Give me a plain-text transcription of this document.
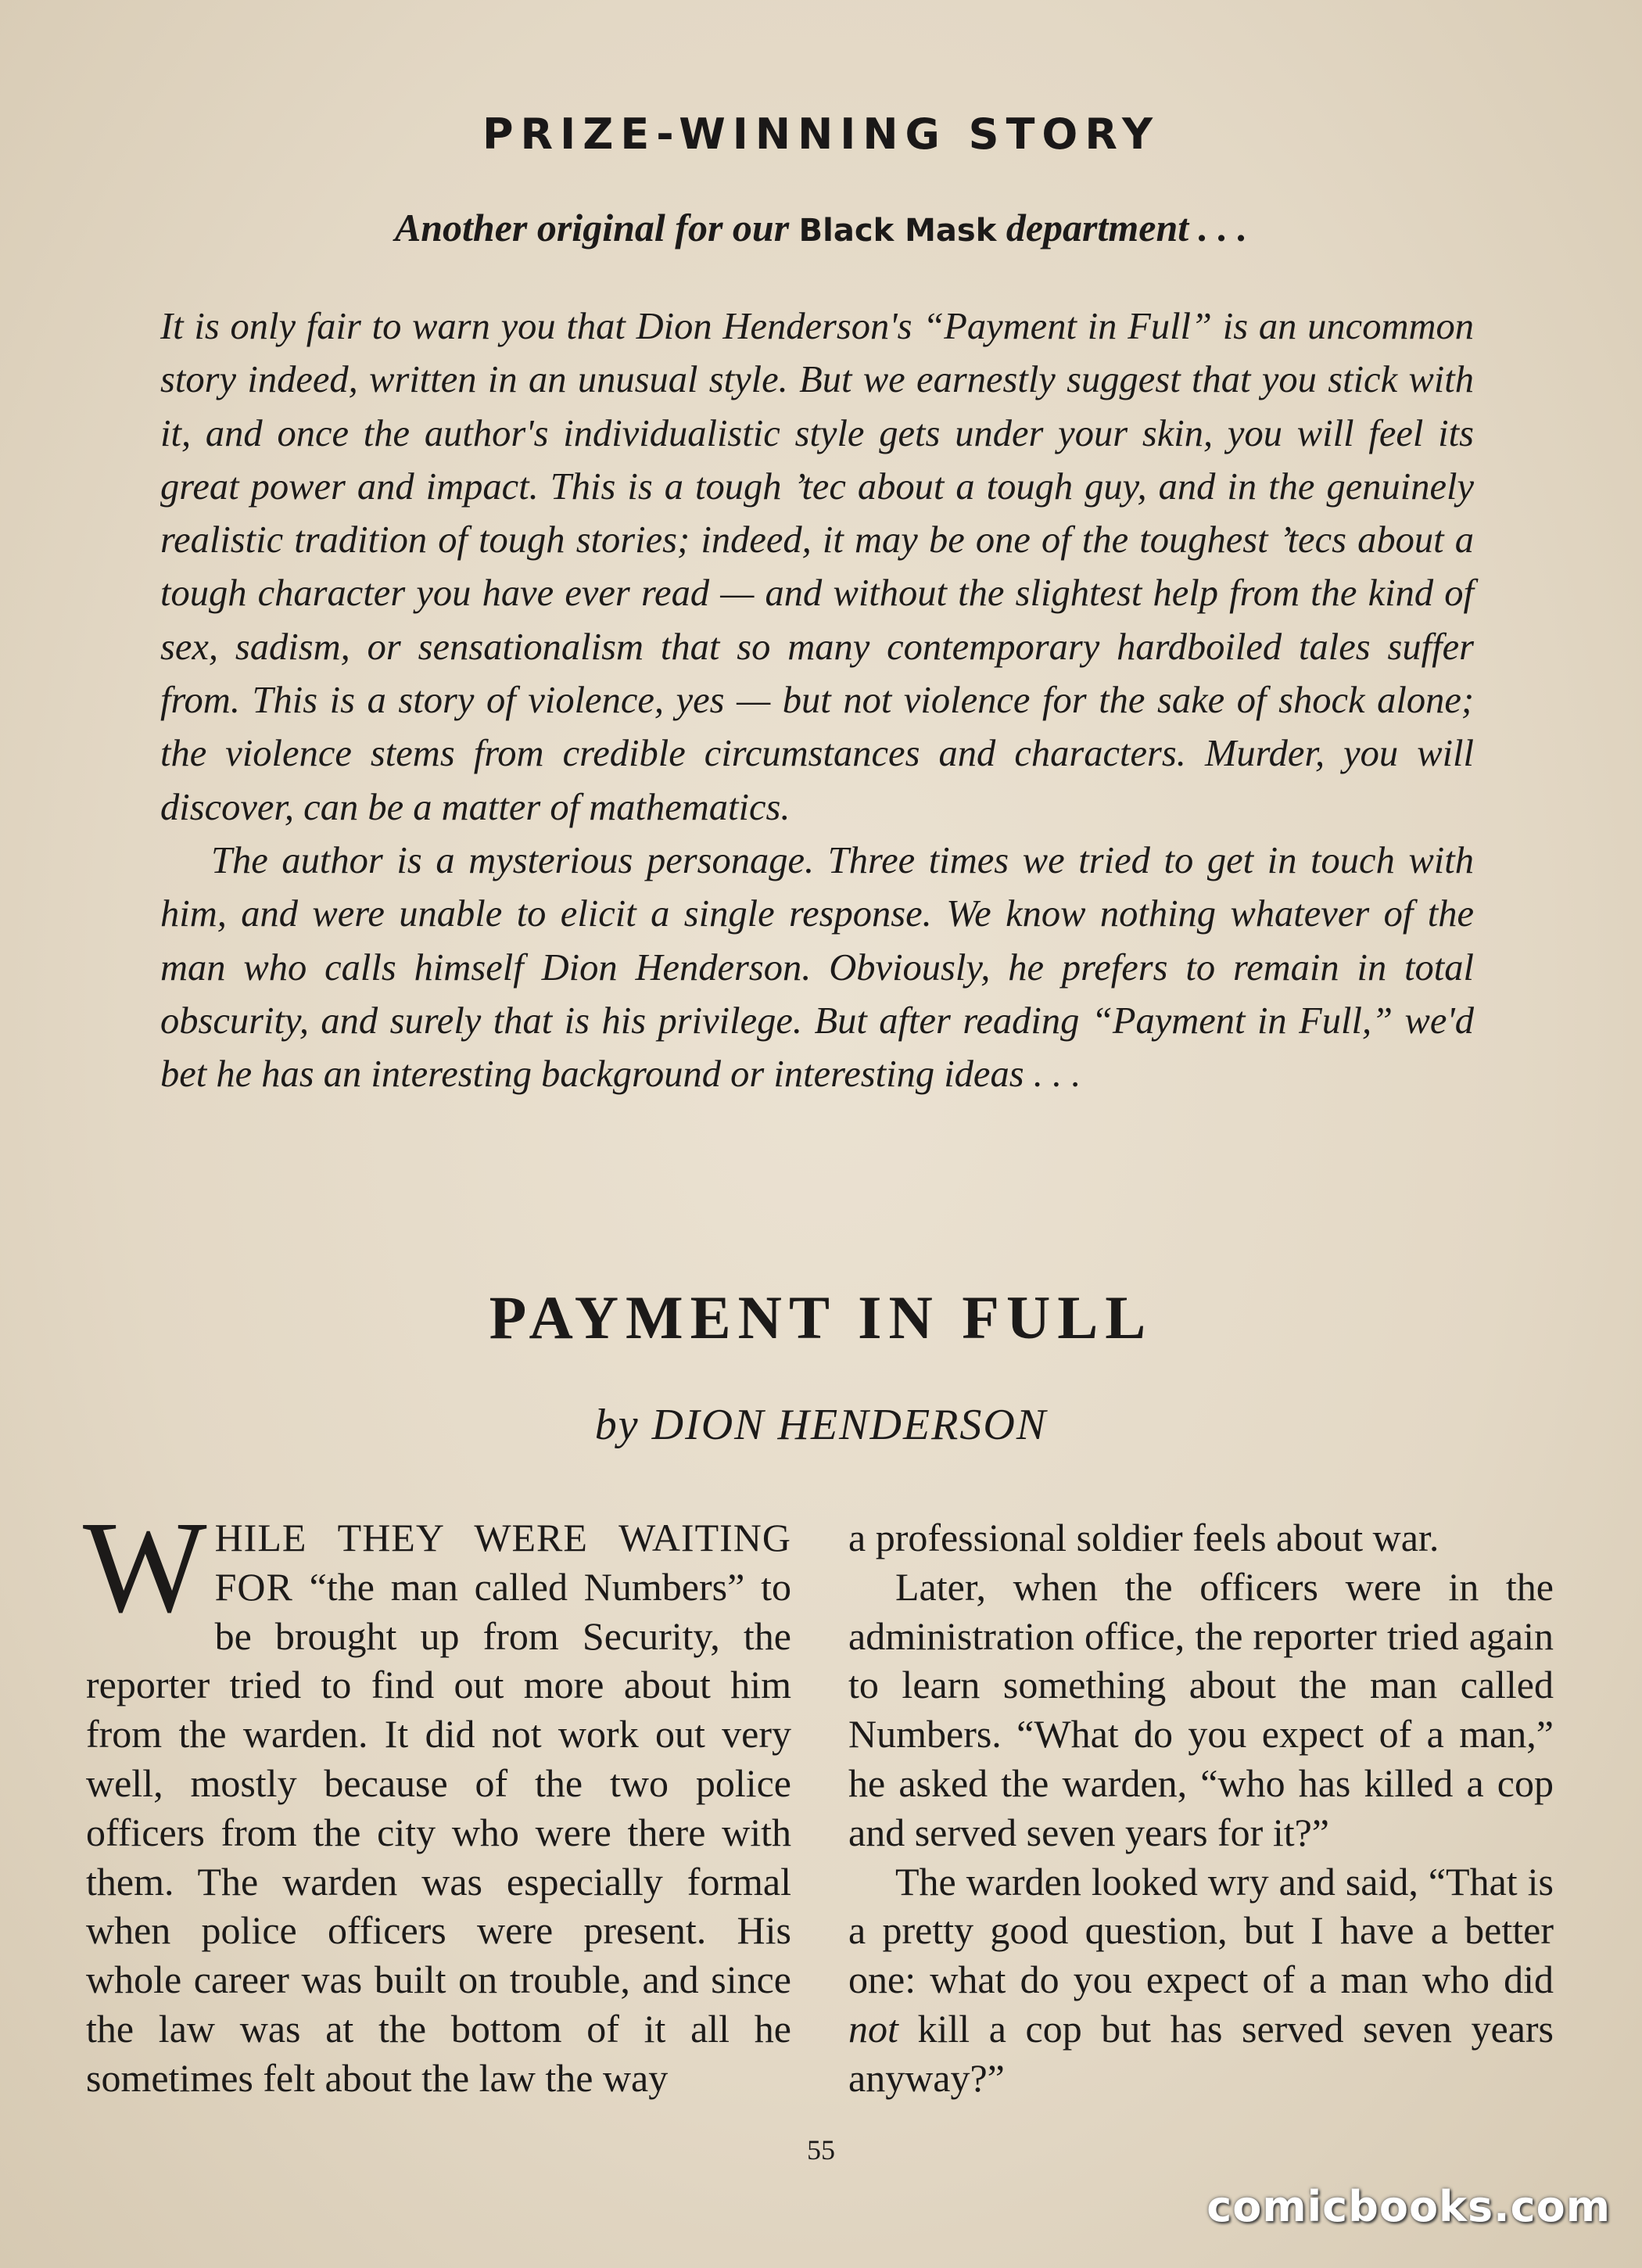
PRIZE-WINNING STORY
Another original for our Black Mask department . . .

It is only fair to warn you that Dion Henderson's “Payment in Full” is an uncommon story indeed, written in an unusual style. But we earnestly suggest that you stick with it, and once the author's individualistic style gets under your skin, you will feel its great power and impact. This is a tough ’tec about a tough guy, and in the genuinely realistic tradition of tough stories; indeed, it may be one of the toughest ’tecs about a tough character you have ever read — and without the slightest help from the kind of sex, sadism, or sensationalism that so many contemporary hardboiled tales suffer from. This is a story of violence, yes — but not violence for the sake of shock alone; the violence stems from credible circumstances and characters. Murder, you will discover, can be a matter of mathematics.

The author is a mysterious personage. Three times we tried to get in touch with him, and were unable to elicit a single response. We know nothing whatever of the man who calls himself Dion Henderson. Obviously, he prefers to remain in total obscurity, and surely that is his privilege. But after reading “Payment in Full,” we'd bet he has an interesting background or interesting ideas . . .

PAYMENT IN FULL
by DION HENDERSON

WHILE THEY WERE WAITING FOR “the man called Numbers” to be brought up from Security, the reporter tried to find out more about him from the warden. It did not work out very well, mostly because of the two police officers from the city who were there with them. The warden was especially formal when police officers were present. His whole career was built on trouble, and since the law was at the bottom of it all he sometimes felt about the law the way

a professional soldier feels about war.

Later, when the officers were in the administration office, the reporter tried again to learn something about the man called Numbers. “What do you expect of a man,” he asked the warden, “who has killed a cop and served seven years for it?”

The warden looked wry and said, “That is a pretty good question, but I have a better one: what do you expect of a man who did not kill a cop but has served seven years anyway?”

55
comicbooks.com
